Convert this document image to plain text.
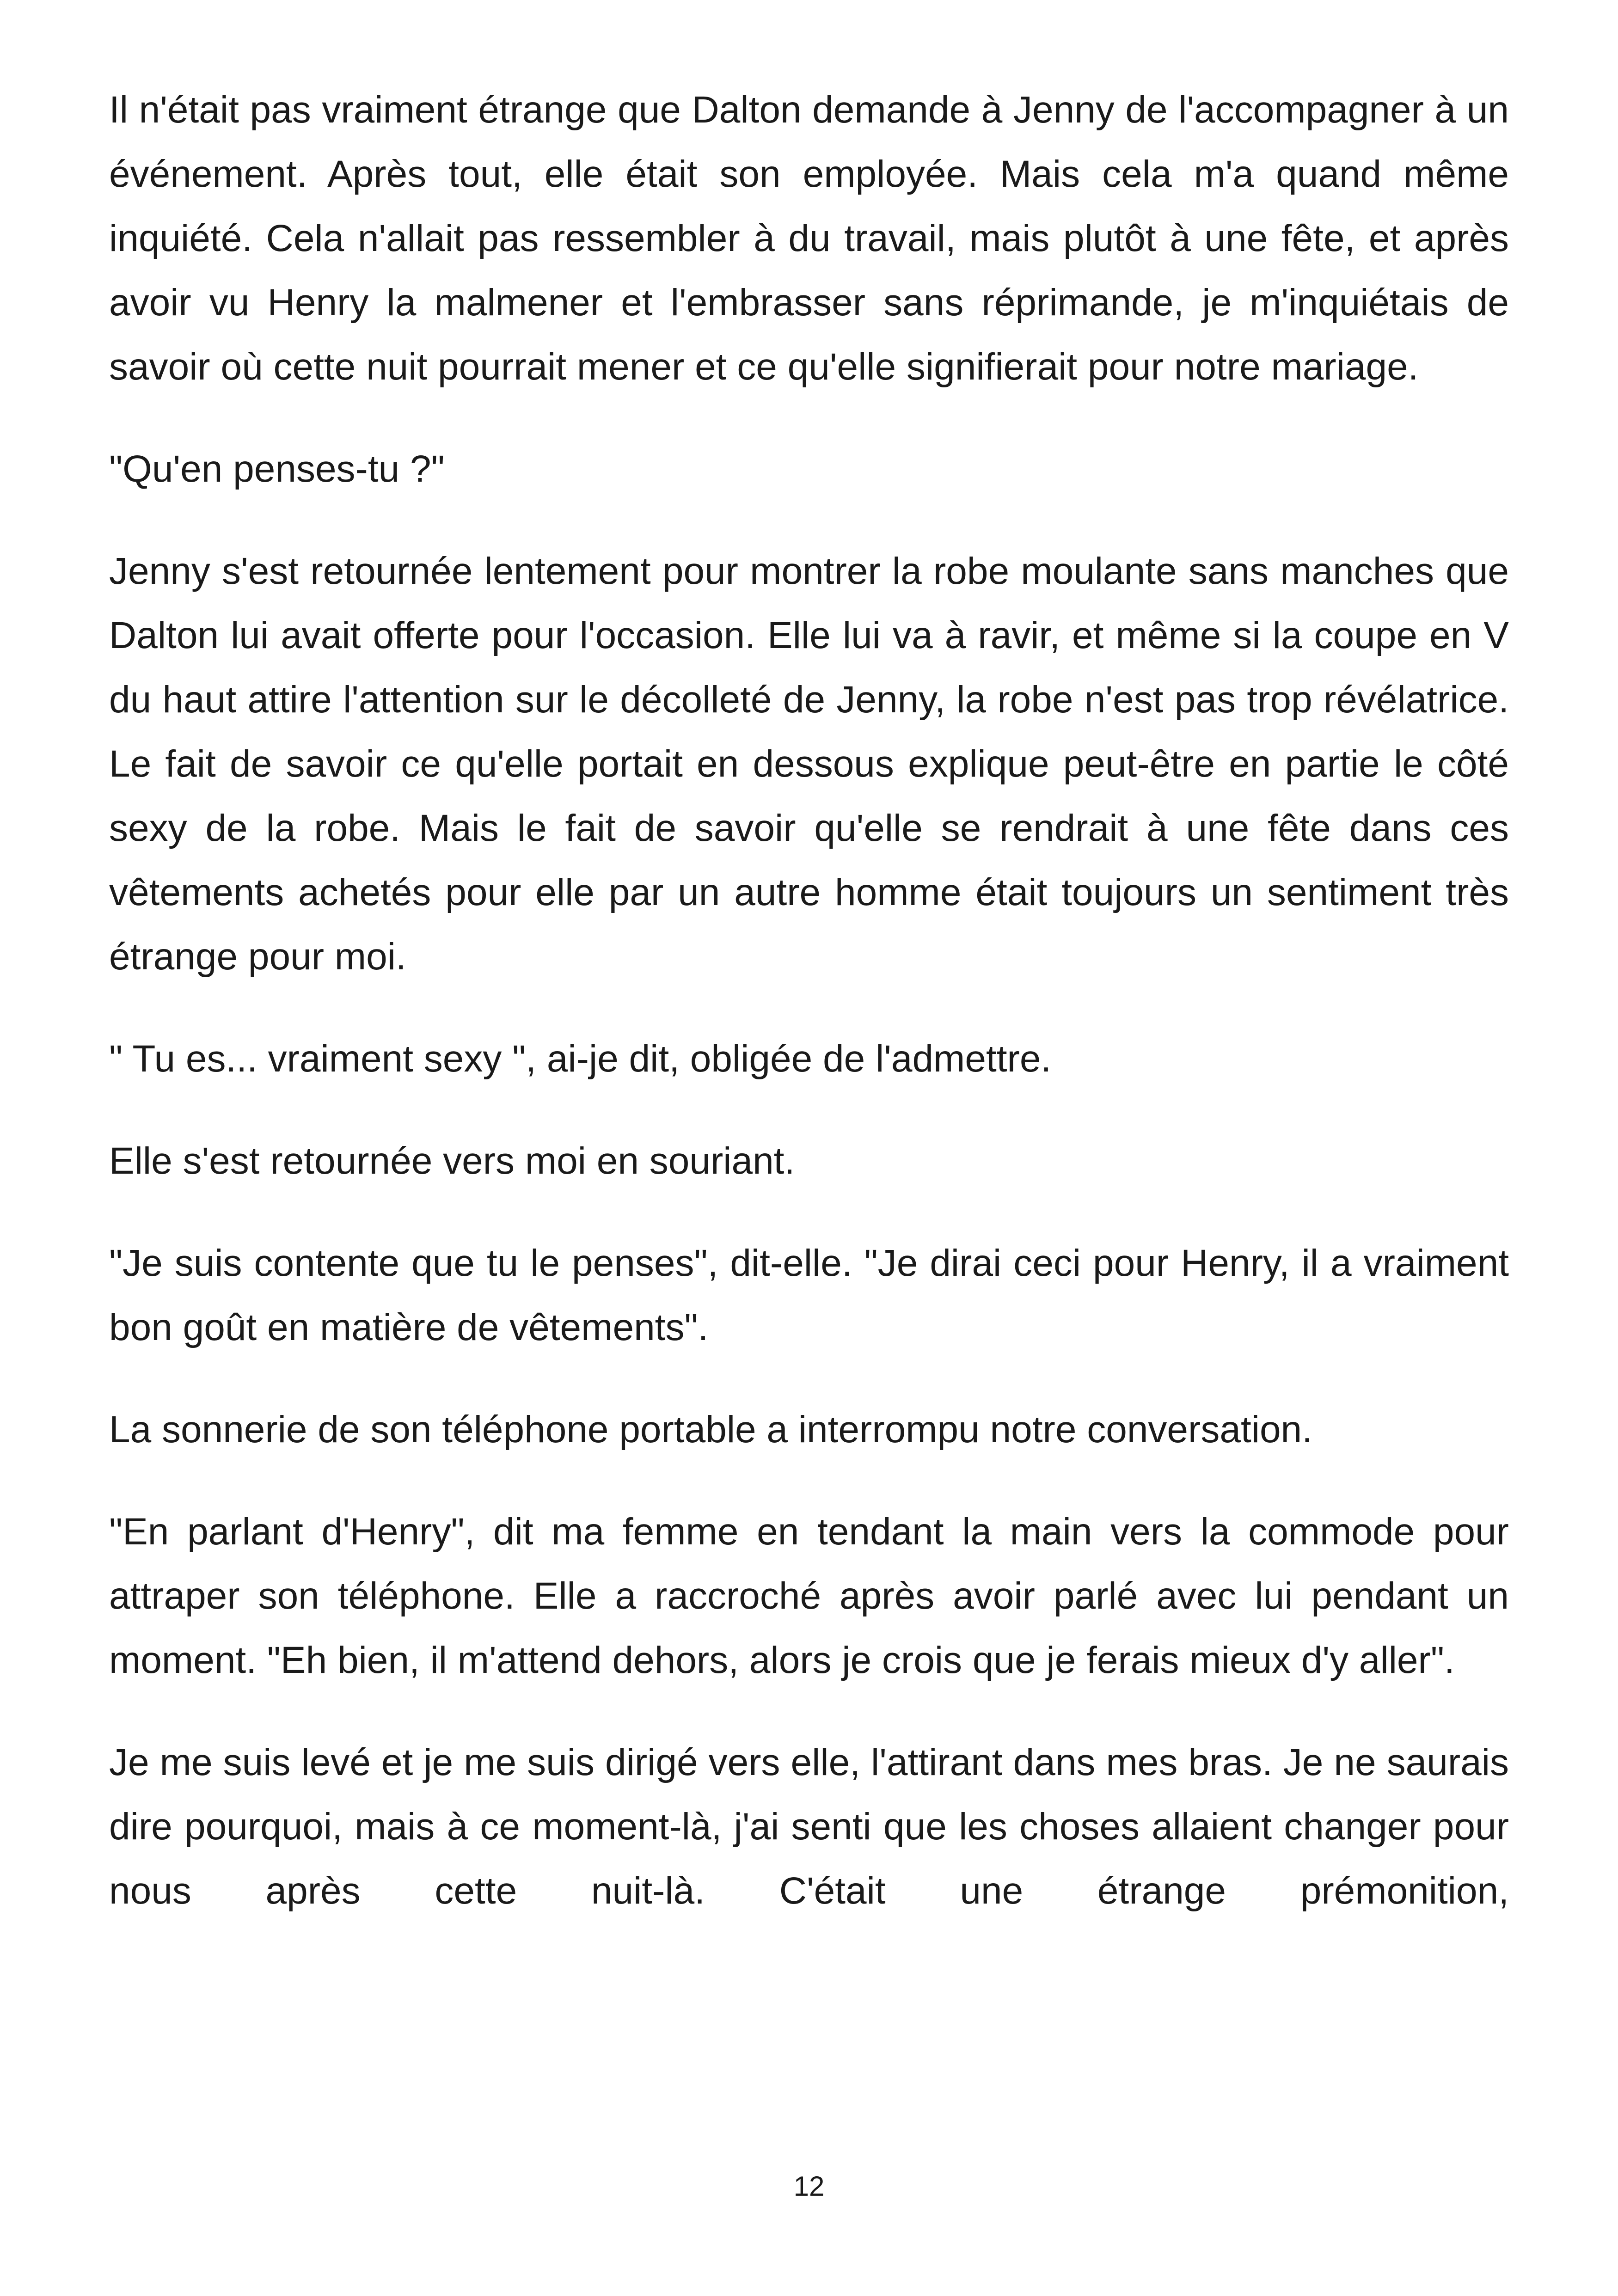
Il n'était pas vraiment étrange que Dalton demande à Jenny de l'accompagner à un événement. Après tout, elle était son employée. Mais cela m'a quand même inquiété. Cela n'allait pas ressembler à du travail, mais plutôt à une fête, et après avoir vu Henry la malmener et l'embrasser sans réprimande, je m'inquiétais de savoir où cette nuit pourrait mener et ce qu'elle signifierait pour notre mariage.

"Qu'en penses-tu ?"

Jenny s'est retournée lentement pour montrer la robe moulante sans manches que Dalton lui avait offerte pour l'occasion. Elle lui va à ravir, et même si la coupe en V du haut attire l'attention sur le décolleté de Jenny, la robe n'est pas trop révélatrice. Le fait de savoir ce qu'elle portait en dessous explique peut-être en partie le côté sexy de la robe. Mais le fait de savoir qu'elle se rendrait à une fête dans ces vêtements achetés pour elle par un autre homme était toujours un sentiment très étrange pour moi.

" Tu es... vraiment sexy ", ai-je dit, obligée de l'admettre.

Elle s'est retournée vers moi en souriant.

"Je suis contente que tu le penses", dit-elle. "Je dirai ceci pour Henry, il a vraiment bon goût en matière de vêtements".

La sonnerie de son téléphone portable a interrompu notre conversation.

"En parlant d'Henry", dit ma femme en tendant la main vers la commode pour attraper son téléphone. Elle a raccroché après avoir parlé avec lui pendant un moment. "Eh bien, il m'attend dehors, alors je crois que je ferais mieux d'y aller".

Je me suis levé et je me suis dirigé vers elle, l'attirant dans mes bras. Je ne saurais dire pourquoi, mais à ce moment-là, j'ai senti que les choses allaient changer pour nous après cette nuit-là. C'était une étrange prémonition,

12
